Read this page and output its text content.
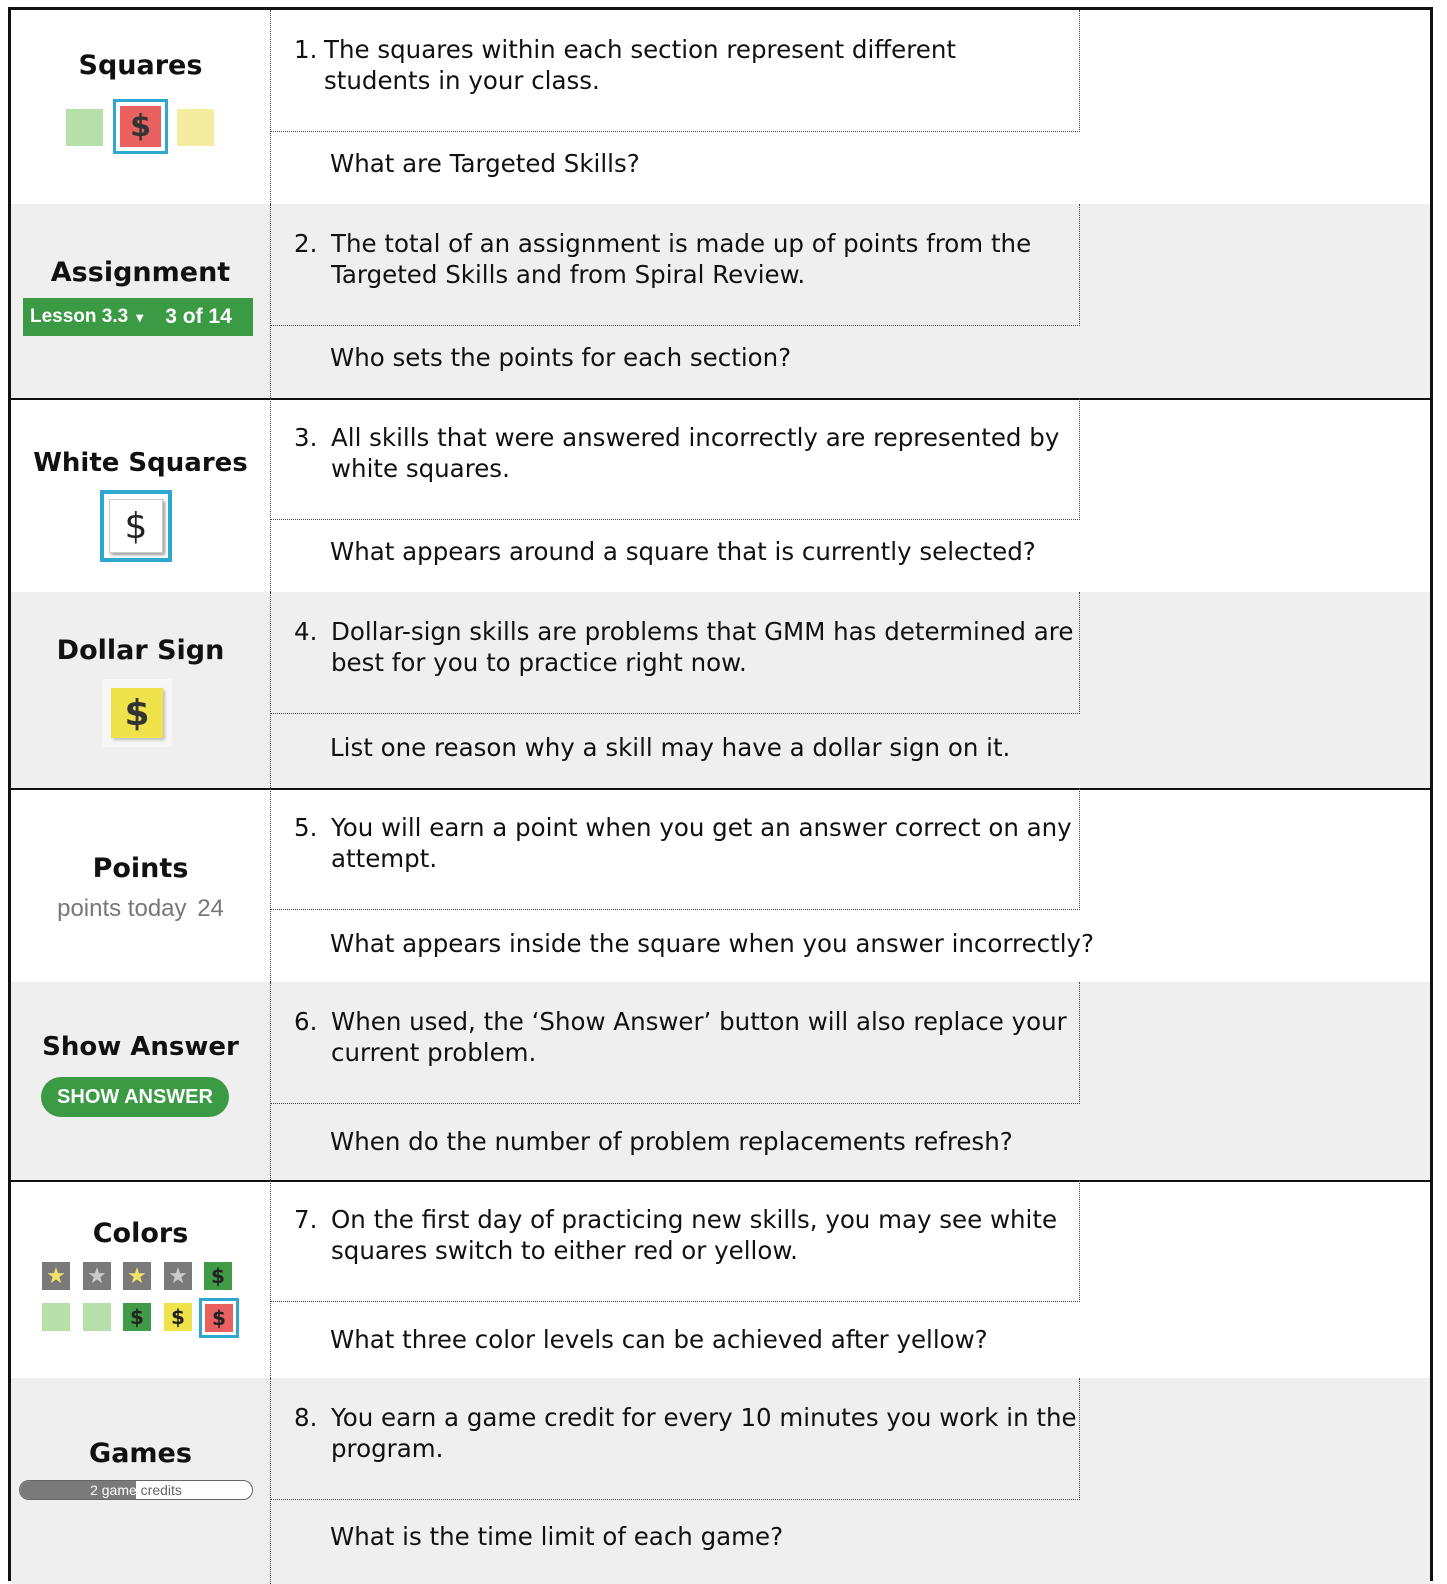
Squares
$
1. The squares within each section represent different students in your class.
What are Targeted Skills?
Assignment
Lesson 3.3 ▾ 3 of 14
2. The total of an assignment is made up of points from the Targeted Skills and from Spiral Review.
Who sets the points for each section?
White Squares
$
3. All skills that were answered incorrectly are represented by white squares.
What appears around a square that is currently selected?
Dollar Sign
$
4. Dollar-sign skills are problems that GMM has determined are best for you to practice right now.
List one reason why a skill may have a dollar sign on it.
Points
points today 24
5. You will earn a point when you get an answer correct on any attempt.
What appears inside the square when you answer incorrectly?
Show Answer
SHOW ANSWER
6. When used, the ‘Show Answer’ button will also replace your current problem.
When do the number of problem replacements refresh?
Colors
★ ★ ★ ★	$
$	$	$
7. On the first day of practicing new skills, you may see white squares switch to either red or yellow.
What three color levels can be achieved after yellow?
Games
2 game credits
8. You earn a game credit for every 10 minutes you work in the program.
What is the time limit of each game?
